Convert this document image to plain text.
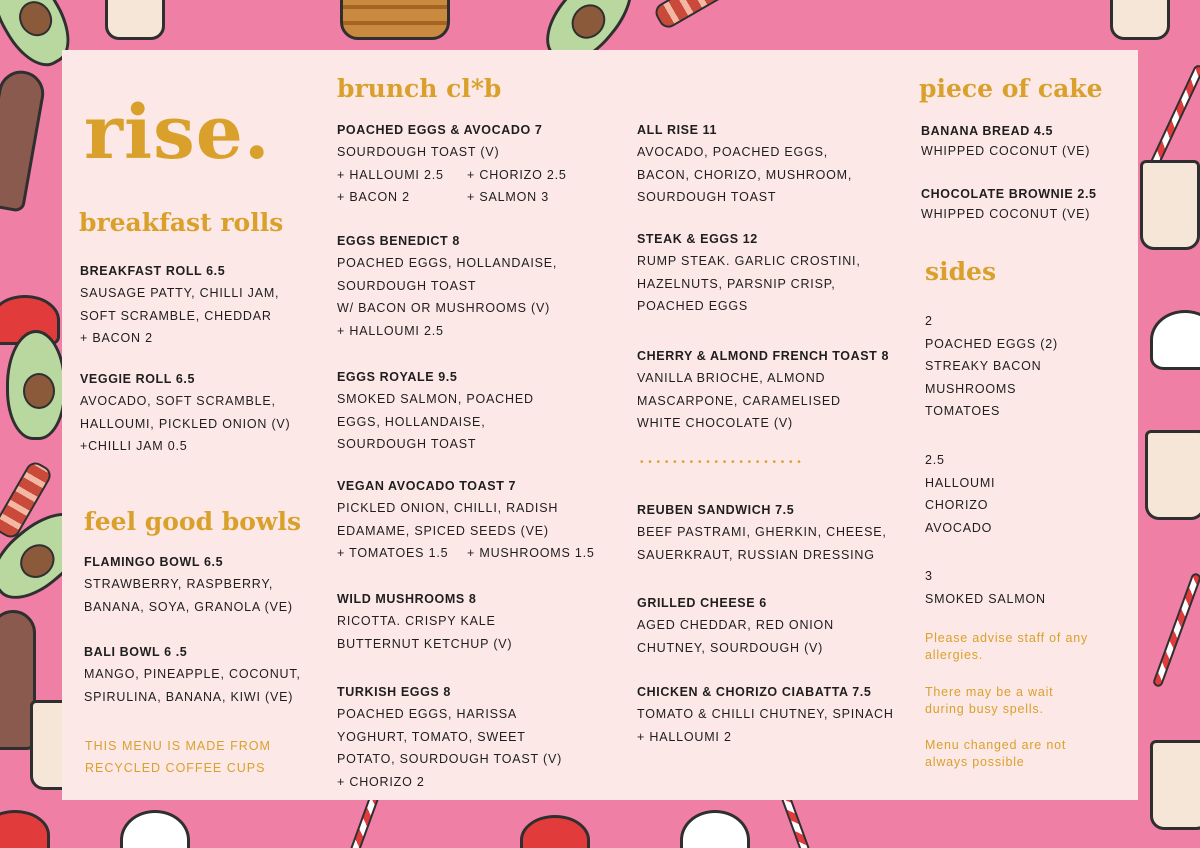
rise.
breakfast rolls
BREAKFAST ROLL 6.5
SAUSAGE PATTY, CHILLI JAM,
SOFT SCRAMBLE, CHEDDAR
+ BACON 2
VEGGIE ROLL 6.5
AVOCADO, SOFT SCRAMBLE,
HALLOUMI, PICKLED ONION (V)
+CHILLI JAM 0.5
feel good bowls
FLAMINGO BOWL 6.5
STRAWBERRY, RASPBERRY,
BANANA, SOYA, GRANOLA (VE)
BALI BOWL 6 .5
MANGO, PINEAPPLE, COCONUT,
SPIRULINA, BANANA, KIWI (VE)
THIS MENU IS MADE FROM
RECYCLED COFFEE CUPS
brunch cl*b
POACHED EGGS & AVOCADO 7
SOURDOUGH TOAST (V)
+ HALLOUMI 2.5
+ BACON 2
+ CHORIZO 2.5
+ SALMON 3
EGGS BENEDICT 8
POACHED EGGS, HOLLANDAISE,
SOURDOUGH TOAST
W/ BACON OR MUSHROOMS (V)
+ HALLOUMI 2.5
EGGS ROYALE 9.5
SMOKED SALMON, POACHED
EGGS, HOLLANDAISE,
SOURDOUGH TOAST
VEGAN AVOCADO TOAST 7
PICKLED ONION, CHILLI, RADISH
EDAMAME, SPICED SEEDS (VE)
+ TOMATOES 1.5	+ MUSHROOMS 1.5
WILD MUSHROOMS 8
RICOTTA. CRISPY KALE
BUTTERNUT KETCHUP (V)
TURKISH EGGS 8
POACHED EGGS, HARISSA
YOGHURT, TOMATO, SWEET
POTATO, SOURDOUGH TOAST (V)
+ CHORIZO 2
ALL RISE 11
AVOCADO, POACHED EGGS,
BACON, CHORIZO, MUSHROOM,
SOURDOUGH TOAST
STEAK & EGGS 12
RUMP STEAK. GARLIC CROSTINI,
HAZELNUTS, PARSNIP CRISP,
POACHED EGGS
CHERRY & ALMOND FRENCH TOAST 8
VANILLA BRIOCHE, ALMOND
MASCARPONE, CARAMELISED
WHITE CHOCOLATE (V)
• • • • • • • • • • • • • • • • • • • •
REUBEN SANDWICH 7.5
BEEF PASTRAMI, GHERKIN, CHEESE,
SAUERKRAUT, RUSSIAN DRESSING
GRILLED CHEESE 6
AGED CHEDDAR, RED ONION
CHUTNEY, SOURDOUGH (V)
CHICKEN & CHORIZO CIABATTA 7.5
TOMATO & CHILLI CHUTNEY, SPINACH
+ HALLOUMI 2
piece of cake
BANANA BREAD 4.5
WHIPPED COCONUT (VE)
CHOCOLATE BROWNIE 2.5
WHIPPED COCONUT (VE)
sides
2
POACHED EGGS (2)
STREAKY BACON
MUSHROOMS
TOMATOES
2.5
HALLOUMI
CHORIZO
AVOCADO
3
SMOKED SALMON
Please advise staff of any
allergies.
There may be a wait
during busy spells.
Menu changed are not
always possible
